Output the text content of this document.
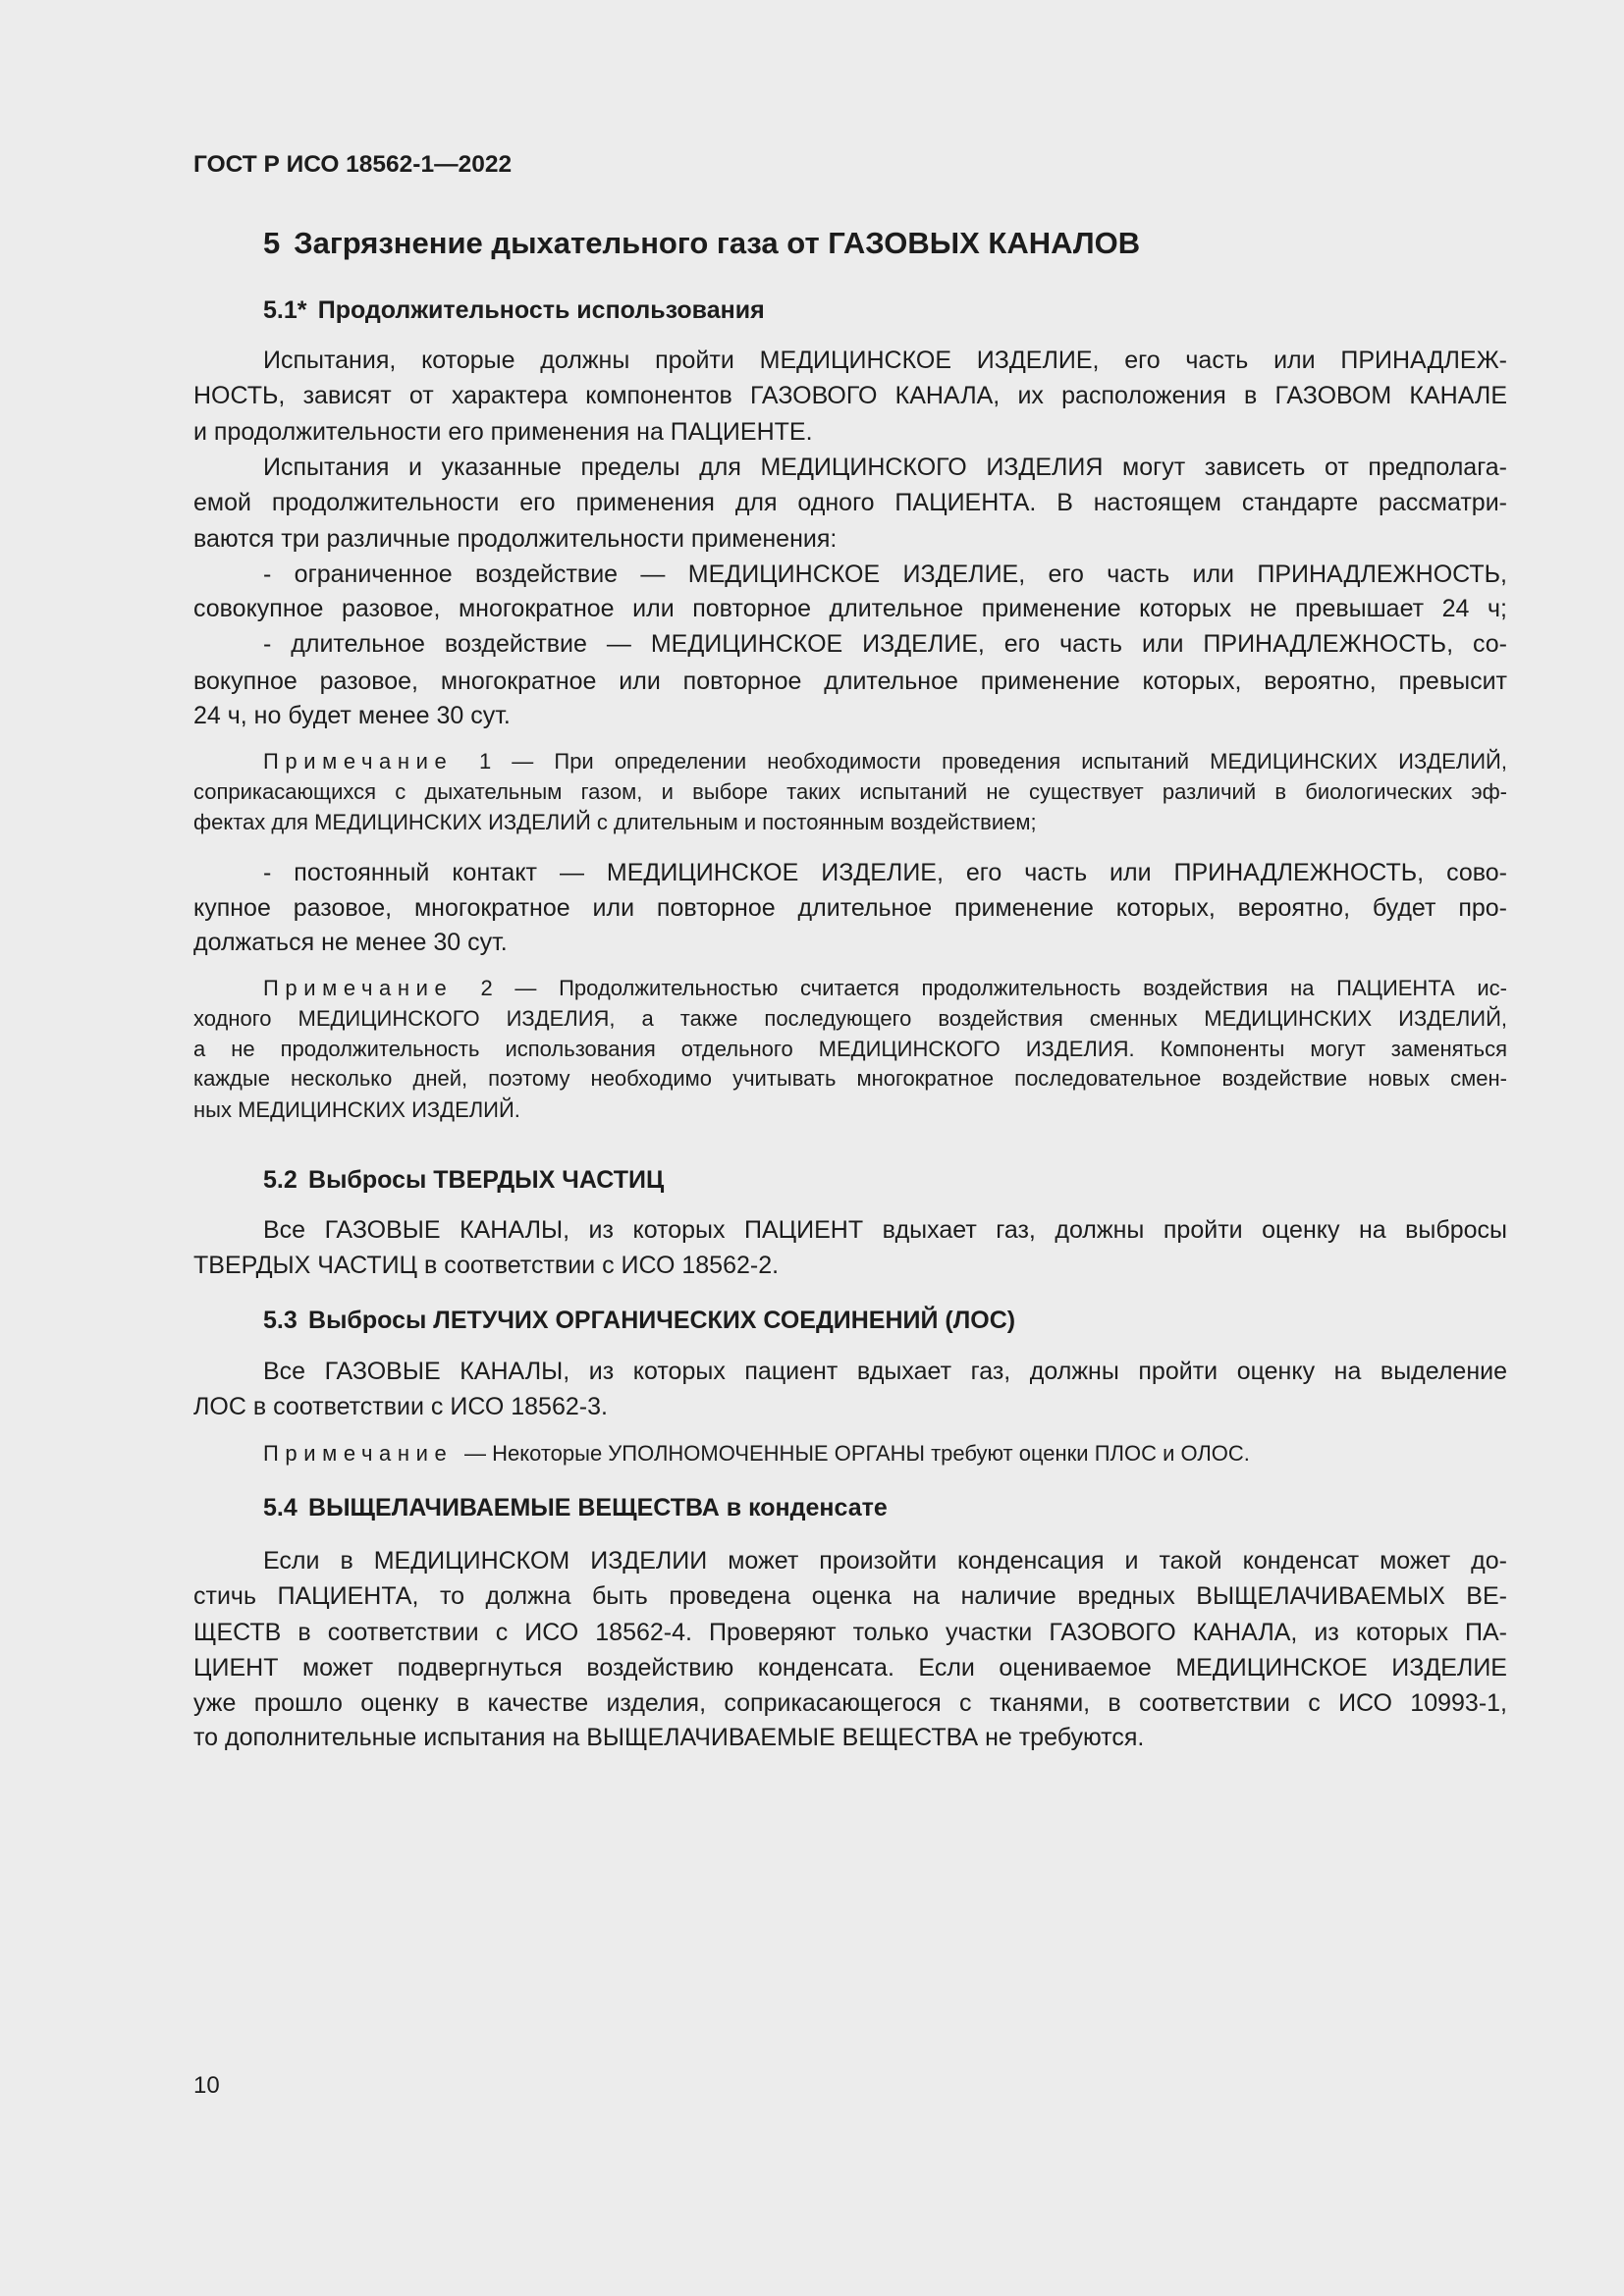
ГОСТ Р ИСО 18562-1—2022
10
5 Загрязнение дыхательного газа от ГАЗОВЫХ КАНАЛОВ
5.1* Продолжительность использования
Испытания, которые должны пройти МЕДИЦИНСКОЕ ИЗДЕЛИЕ, его часть или ПРИНАДЛЕЖ-
НОСТЬ, зависят от характера компонентов ГАЗОВОГО КАНАЛА, их расположения в ГАЗОВОМ КАНАЛЕ
и продолжительности его применения на ПАЦИЕНТЕ.
Испытания и указанные пределы для МЕДИЦИНСКОГО ИЗДЕЛИЯ могут зависеть от предполага-
емой продолжительности его применения для одного ПАЦИЕНТА. В настоящем стандарте рассматри-
ваются три различные продолжительности применения:
- ограниченное воздействие — МЕДИЦИНСКОЕ ИЗДЕЛИЕ, его часть или ПРИНАДЛЕЖНОСТЬ,
совокупное разовое, многократное или повторное длительное применение которых не превышает 24 ч;
- длительное воздействие — МЕДИЦИНСКОЕ ИЗДЕЛИЕ, его часть или ПРИНАДЛЕЖНОСТЬ, со-
вокупное разовое, многократное или повторное длительное применение которых, вероятно, превысит
24 ч, но будет менее 30 сут.
Примечание 1 — При определении необходимости проведения испытаний МЕДИЦИНСКИХ ИЗДЕЛИЙ,
соприкасающихся с дыхательным газом, и выборе таких испытаний не существует различий в биологических эф-
фектах для МЕДИЦИНСКИХ ИЗДЕЛИЙ с длительным и постоянным воздействием;
- постоянный контакт — МЕДИЦИНСКОЕ ИЗДЕЛИЕ, его часть или ПРИНАДЛЕЖНОСТЬ, сово-
купное разовое, многократное или повторное длительное применение которых, вероятно, будет про-
должаться не менее 30 сут.
Примечание 2 — Продолжительностью считается продолжительность воздействия на ПАЦИЕНТА ис-
ходного МЕДИЦИНСКОГО ИЗДЕЛИЯ, а также последующего воздействия сменных МЕДИЦИНСКИХ ИЗДЕЛИЙ,
а не продолжительность использования отдельного МЕДИЦИНСКОГО ИЗДЕЛИЯ. Компоненты могут заменяться
каждые несколько дней, поэтому необходимо учитывать многократное последовательное воздействие новых смен-
ных МЕДИЦИНСКИХ ИЗДЕЛИЙ.
5.2 Выбросы ТВЕРДЫХ ЧАСТИЦ
Все ГАЗОВЫЕ КАНАЛЫ, из которых ПАЦИЕНТ вдыхает газ, должны пройти оценку на выбросы
ТВЕРДЫХ ЧАСТИЦ в соответствии с ИСО 18562-2.
5.3 Выбросы ЛЕТУЧИХ ОРГАНИЧЕСКИХ СОЕДИНЕНИЙ (ЛОС)
Все ГАЗОВЫЕ КАНАЛЫ, из которых пациент вдыхает газ, должны пройти оценку на выделение
ЛОС в соответствии с ИСО 18562-3.
Примечание — Некоторые УПОЛНОМОЧЕННЫЕ ОРГАНЫ требуют оценки ПЛОС и ОЛОС.
5.4 ВЫЩЕЛАЧИВАЕМЫЕ ВЕЩЕСТВА в конденсате
Если в МЕДИЦИНСКОМ ИЗДЕЛИИ может произойти конденсация и такой конденсат может до-
стичь ПАЦИЕНТА, то должна быть проведена оценка на наличие вредных ВЫЩЕЛАЧИВАЕМЫХ ВЕ-
ЩЕСТВ в соответствии с ИСО 18562-4. Проверяют только участки ГАЗОВОГО КАНАЛА, из которых ПА-
ЦИЕНТ может подвергнуться воздействию конденсата. Если оцениваемое МЕДИЦИНСКОЕ ИЗДЕЛИЕ
уже прошло оценку в качестве изделия, соприкасающегося с тканями, в соответствии с ИСО 10993-1,
то дополнительные испытания на ВЫЩЕЛАЧИВАЕМЫЕ ВЕЩЕСТВА не требуются.
